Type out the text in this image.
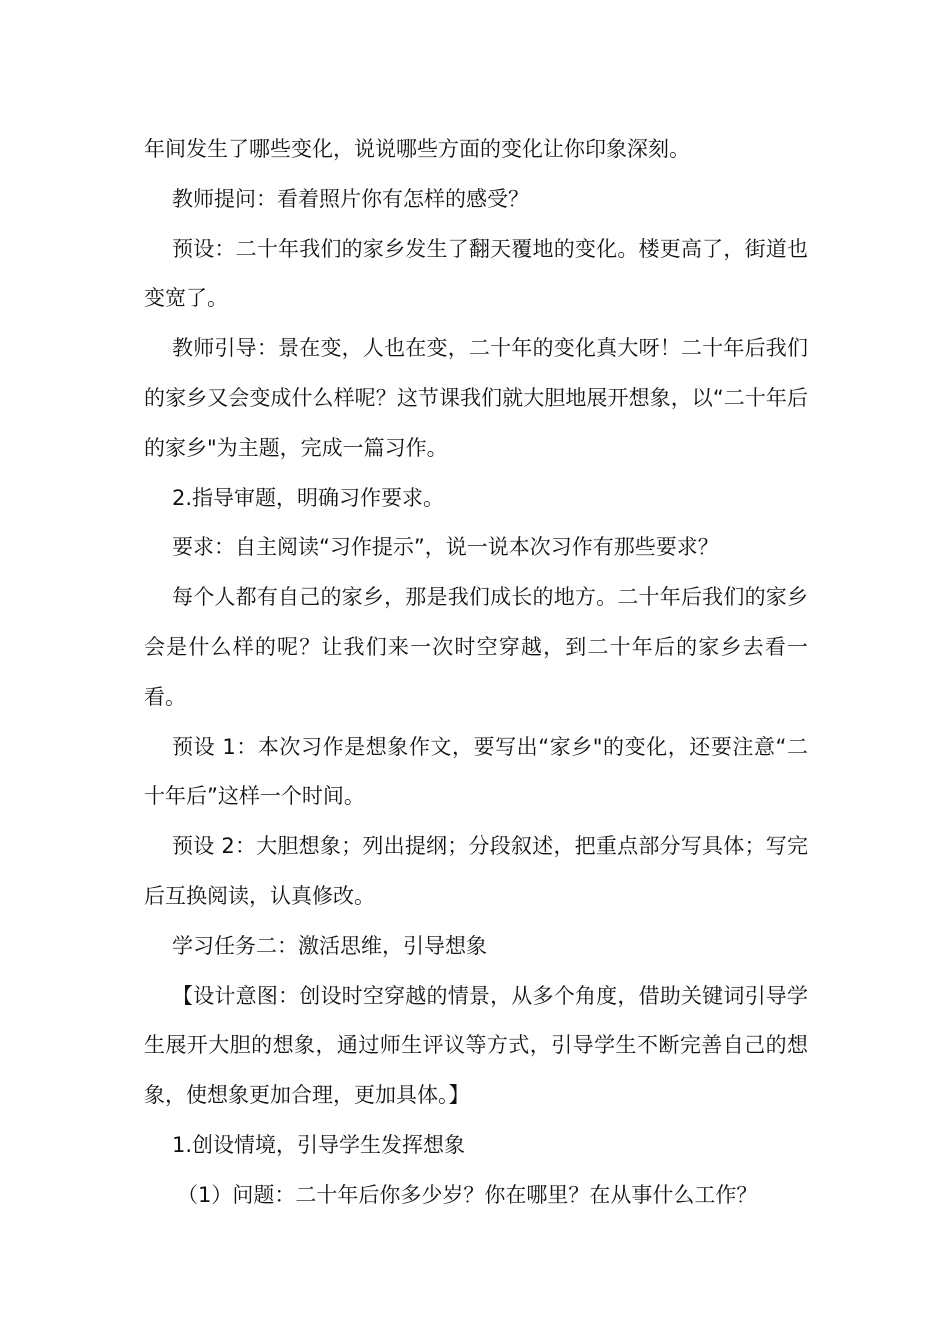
年间发生了哪些变化，说说哪些方面的变化让你印象深刻。

教师提问：看着照片你有怎样的感受？

预设：二十年我们的家乡发生了翻天覆地的变化。楼更高了，街道也变宽了。

教师引导：景在变，人也在变，二十年的变化真大呀！二十年后我们的家乡又会变成什么样呢？这节课我们就大胆地展开想象，以“二十年后的家乡"为主题，完成一篇习作。

2.指导审题，明确习作要求。

要求：自主阅读“习作提示”，说一说本次习作有那些要求？

每个人都有自己的家乡，那是我们成长的地方。二十年后我们的家乡会是什么样的呢？让我们来一次时空穿越，到二十年后的家乡去看一看。

预设 1：本次习作是想象作文，要写出“家乡"的变化，还要注意“二十年后”这样一个时间。

预设 2：大胆想象；列出提纲；分段叙述，把重点部分写具体；写完后互换阅读，认真修改。

学习任务二：激活思维，引导想象

【设计意图：创设时空穿越的情景，从多个角度，借助关键词引导学生展开大胆的想象，通过师生评议等方式，引导学生不断完善自己的想象，使想象更加合理，更加具体。】

1.创设情境，引导学生发挥想象

（1）问题：二十年后你多少岁？你在哪里？在从事什么工作？
